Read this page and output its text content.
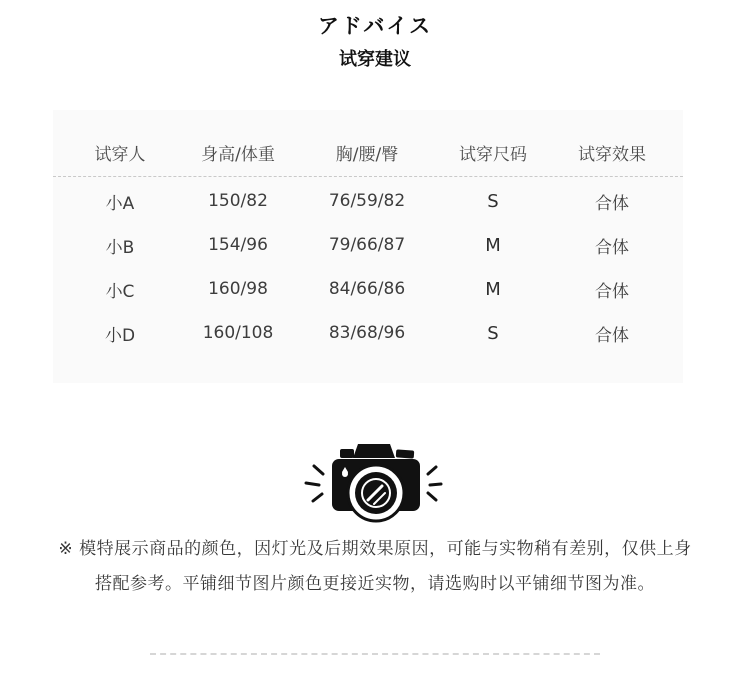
アドバイス
试穿建议
试穿人	身高/体重	胸/腰/臀	试穿尺码	试穿效果
小A	150/82	76/59/82	S	合体
小B	154/96	79/66/87	M	合体
小C	160/98	84/66/86	M	合体
小D	160/108	83/68/96	S	合体
※ 模特展示商品的颜色，因灯光及后期效果原因，可能与实物稍有差别，仅供上身
搭配参考。平铺细节图片颜色更接近实物，请选购时以平铺细节图为准。
